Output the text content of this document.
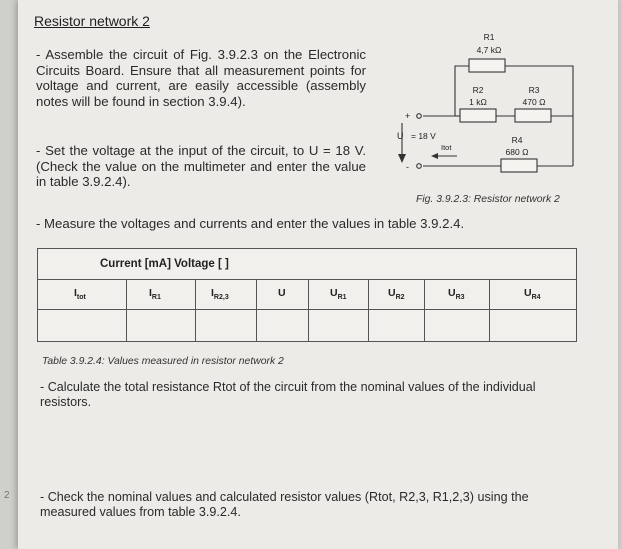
2
Resistor network 2
- Assemble the circuit of Fig. 3.9.2.3 on the Electronic Circuits Board. Ensure that all measurement points for voltage and current, are easily accessible (assembly notes will be found in section 3.9.4).
- Set the voltage at the input of the circuit, to U = 18 V. (Check the value on the multimeter and enter the value in table 3.9.2.4).
- Measure the voltages and currents and enter the values in table 3.9.2.4.
R1
4,7 kΩ
R2
1 kΩ
R3
470 Ω
R4
680 Ω
+
-
U = 18 V
Itot
Fig. 3.9.2.3: Resistor network 2
Current [mA] Voltage [ ]
$I_{tot}$	$I_{R1}$	$I_{R2,3}$	U	$U_{R1}$	$U_{R2}$	$U_{R3}$	$U_{R4}$
Table 3.9.2.4: Values measured in resistor network 2
- Calculate the total resistance Rtot of the circuit from the nominal values of the individual resistors.
- Check the nominal values and calculated resistor values (Rtot, R2,3, R1,2,3) using the measured values from table 3.9.2.4.
